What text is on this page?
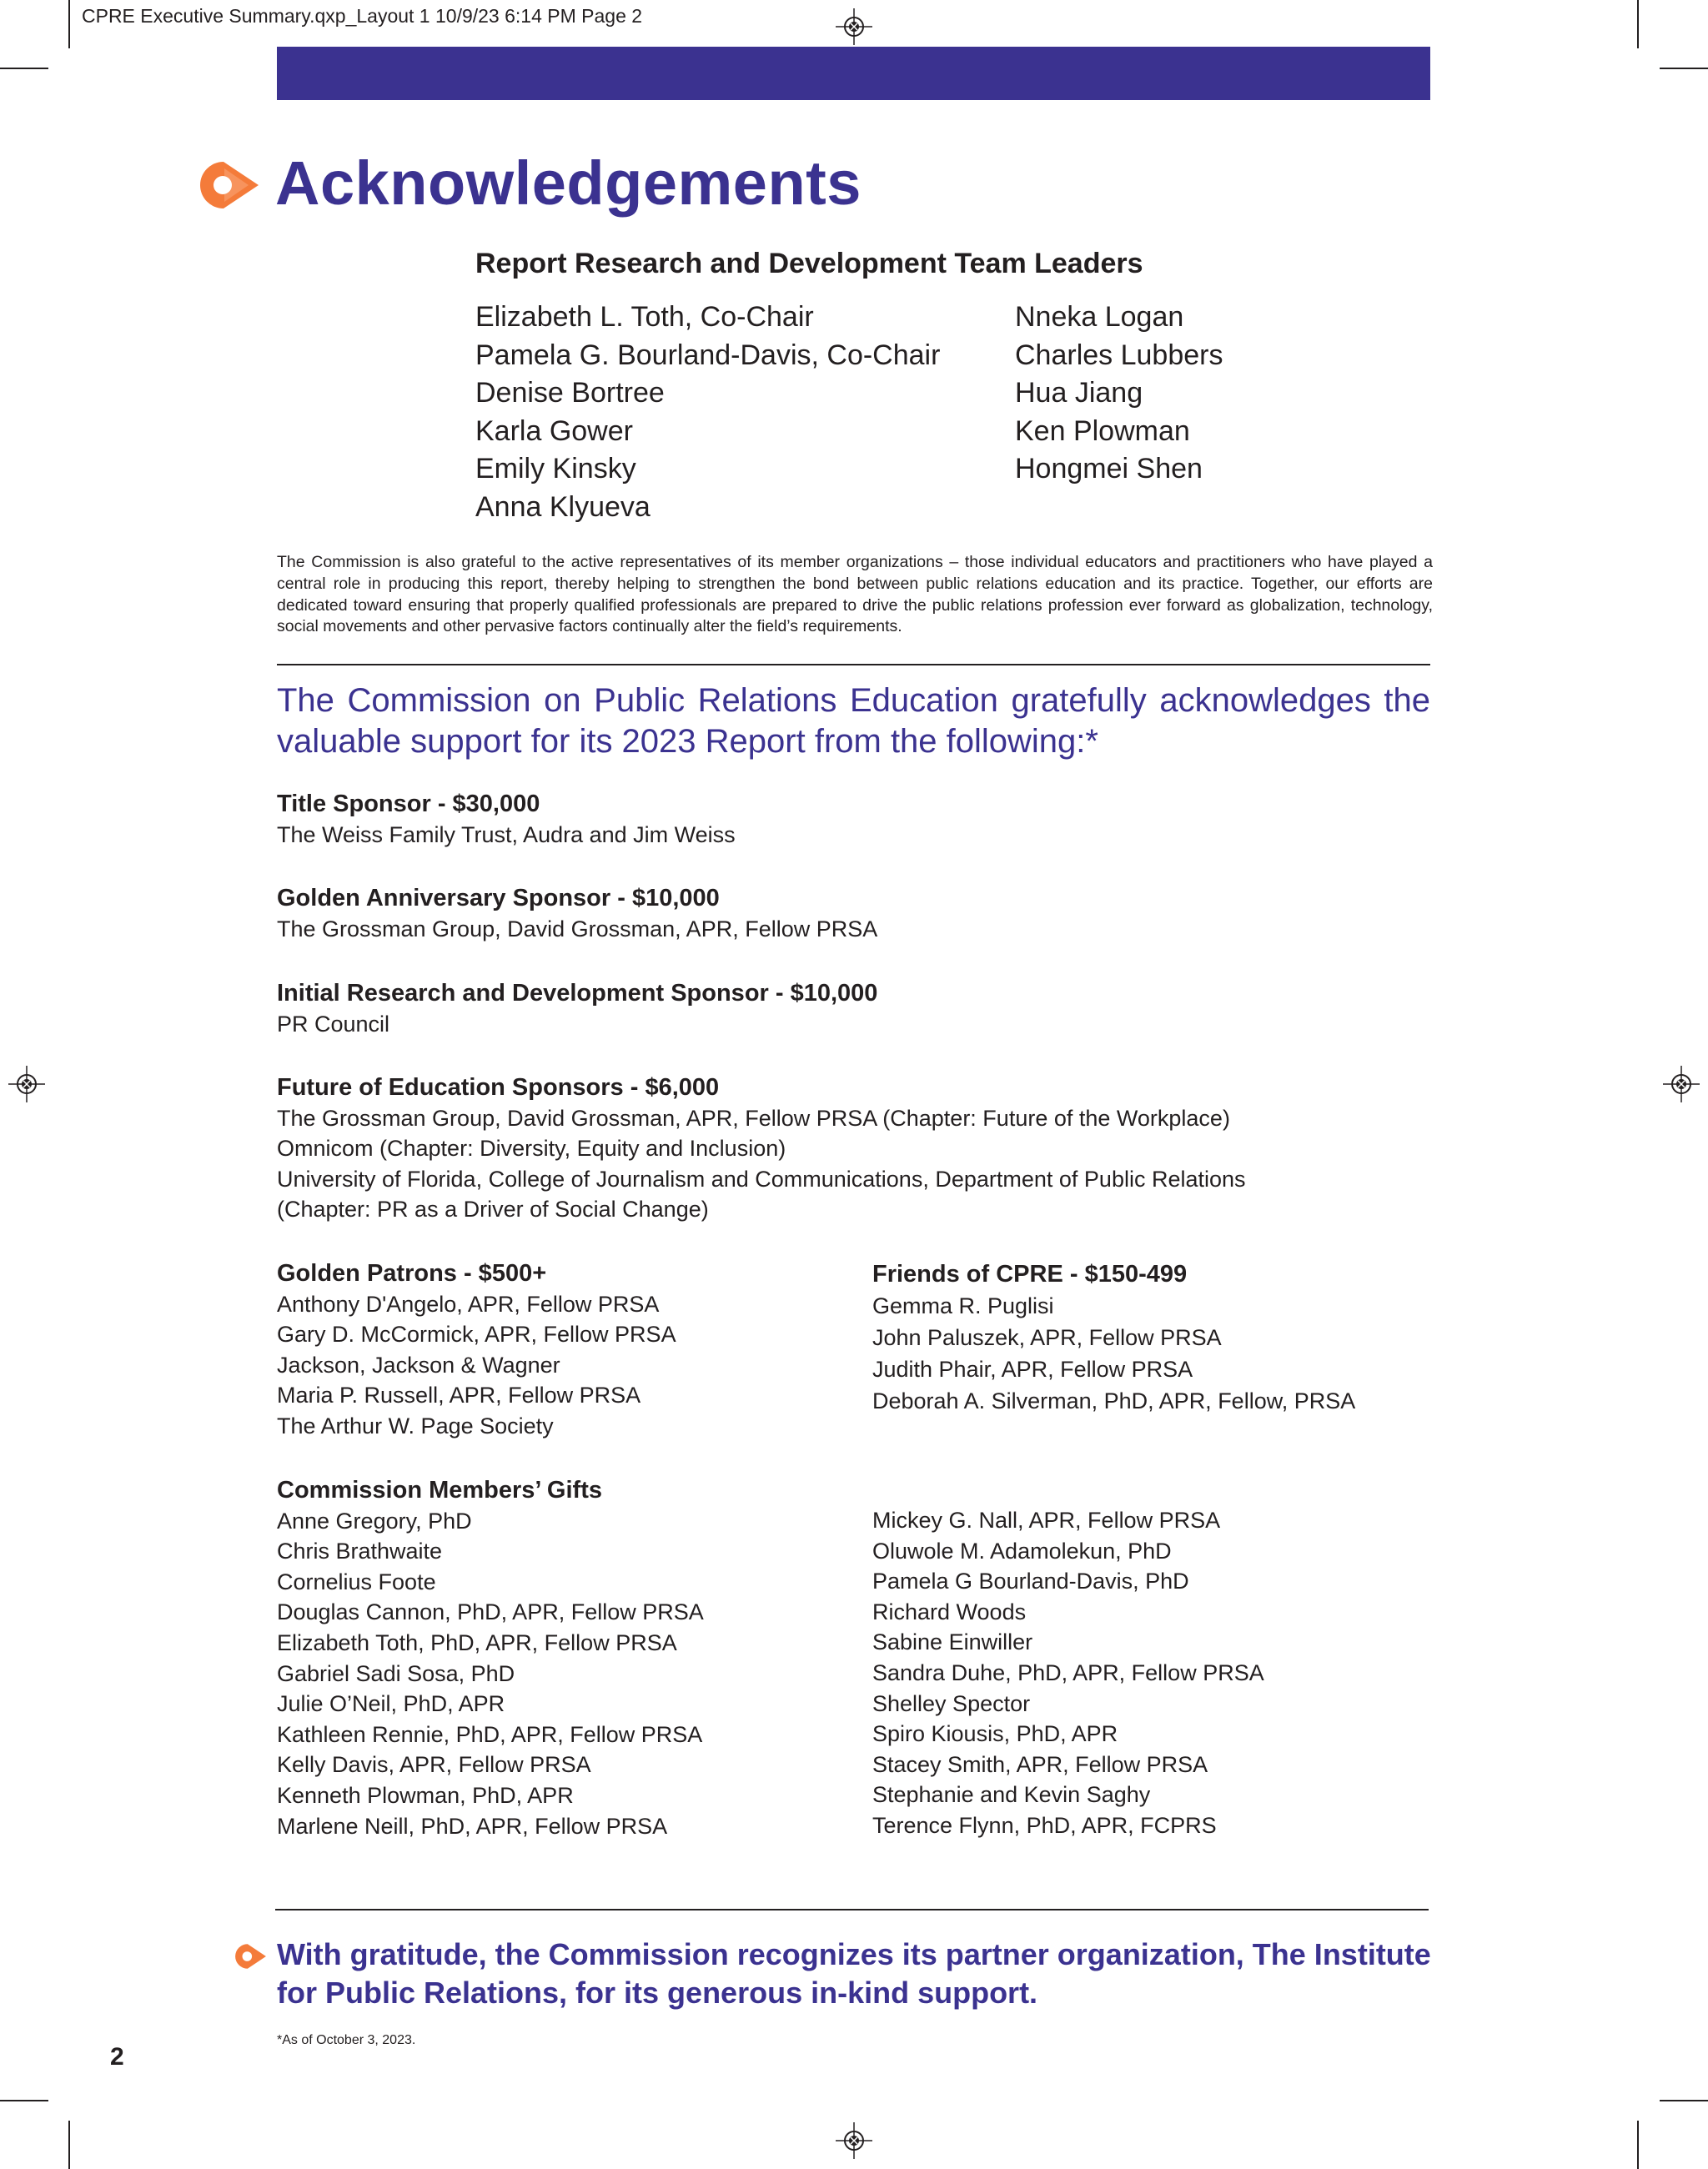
CPRE Executive Summary.qxp_Layout 1 10/9/23 6:14 PM Page 2
Acknowledgements
Report Research and Development Team Leaders
Elizabeth L. Toth, Co-Chair
Pamela G. Bourland-Davis, Co-Chair
Denise Bortree
Karla Gower
Emily Kinsky
Anna Klyueva
Nneka Logan
Charles Lubbers
Hua Jiang
Ken Plowman
Hongmei Shen
The Commission is also grateful to the active representatives of its member organizations – those individual educators and practitioners who have played a central role in producing this report, thereby helping to strengthen the bond between public relations education and its practice. Together, our efforts are dedicated toward ensuring that properly qualified professionals are prepared to drive the public relations profession ever forward as globalization, technology, social movements and other pervasive factors continually alter the field’s requirements.
The Commission on Public Relations Education gratefully acknowledges the valuable support for its 2023 Report from the following:*
Title Sponsor - $30,000
The Weiss Family Trust, Audra and Jim Weiss
Golden Anniversary Sponsor - $10,000
The Grossman Group, David Grossman, APR, Fellow PRSA
Initial Research and Development Sponsor - $10,000
PR Council
Future of Education Sponsors - $6,000
The Grossman Group, David Grossman, APR, Fellow PRSA (Chapter: Future of the Workplace)
Omnicom (Chapter: Diversity, Equity and Inclusion)
University of Florida, College of Journalism and Communications, Department of Public Relations
(Chapter: PR as a Driver of Social Change)
Golden Patrons - $500+
Anthony D'Angelo, APR, Fellow PRSA
Gary D. McCormick, APR, Fellow PRSA
Jackson, Jackson & Wagner
Maria P. Russell, APR, Fellow PRSA
The Arthur W. Page Society
Friends of CPRE - $150-499
Gemma R. Puglisi
John Paluszek, APR, Fellow PRSA
Judith Phair, APR, Fellow PRSA
Deborah A. Silverman, PhD, APR, Fellow, PRSA
Commission Members’ Gifts
Anne Gregory, PhD
Chris Brathwaite
Cornelius Foote
Douglas Cannon, PhD, APR, Fellow PRSA
Elizabeth Toth, PhD, APR, Fellow PRSA
Gabriel Sadi Sosa, PhD
Julie O’Neil, PhD, APR
Kathleen Rennie, PhD, APR, Fellow PRSA
Kelly Davis, APR, Fellow PRSA
Kenneth Plowman, PhD, APR
Marlene Neill, PhD, APR, Fellow PRSA
Mickey G. Nall, APR, Fellow PRSA
Oluwole M. Adamolekun, PhD
Pamela G Bourland-Davis, PhD
Richard Woods
Sabine Einwiller
Sandra Duhe, PhD, APR, Fellow PRSA
Shelley Spector
Spiro Kiousis, PhD, APR
Stacey Smith, APR, Fellow PRSA
Stephanie and Kevin Saghy
Terence Flynn, PhD, APR, FCPRS
With gratitude, the Commission recognizes its partner organization, The Institute for Public Relations, for its generous in-kind support.
*As of October 3, 2023.
2
